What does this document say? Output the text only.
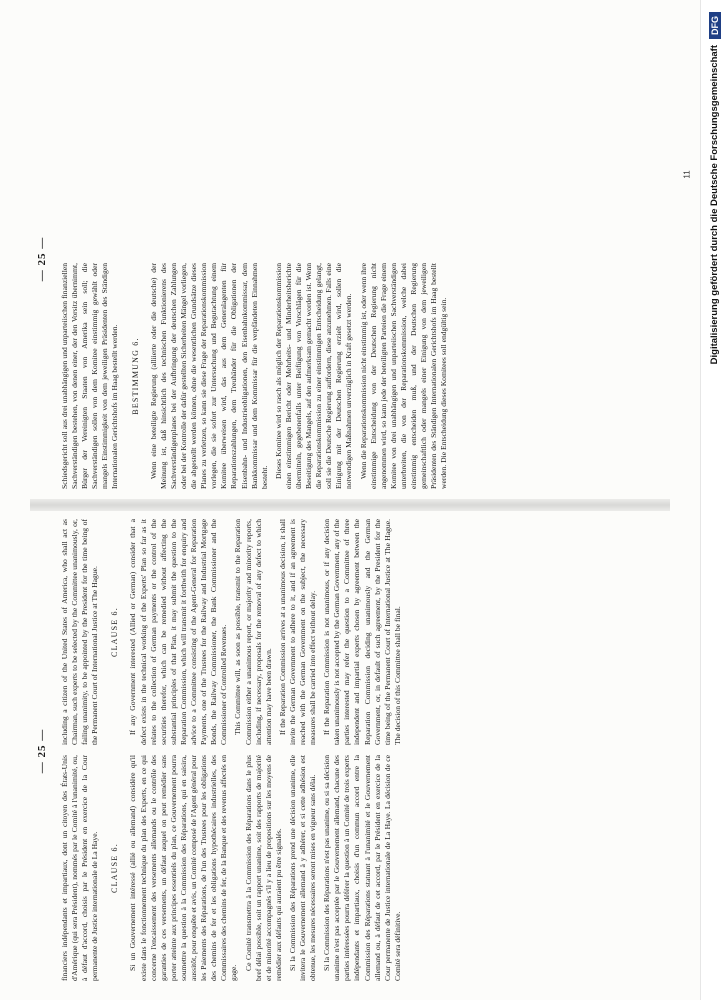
— 25 —

financiers indépendants et impartiaux, dont un citoyen des États-Unis d'Amérique (qui sera Président), nommés par le Comité à l'unanimité, ou, à défaut d'accord, choisis par le Président en exercice de la Cour permanente de Justice internationale de La Haye. CLAUSE 6. Si un Gouvernement intéressé (allié ou allemand) considère qu'il existe dans le fonctionnement technique du plan des Experts, en ce qui concerne l'encaissement des versements allemands ou le contrôle des garanties de ces versements, un défaut auquel on peut remédier sans porter atteinte aux principes essentiels du plan, ce Gouvernement pourra soumettre la question à la Commission des Réparations, qui en saisira, aussitôt, pour enquête et avis, un Comité composé de l'Agent général pour les Paiements des Réparations, de l'un des Trustees pour les obligations des chemins de fer et les obligations hypothécaires industrielles, des Commissaires des chemins de fer, de la Banque et des revenus affectés en gage.

Ce Comité transmettra à la Commission des Réparations dans le plus bref délai possible, soit un rapport unanime, soit des rapports de majorité et de minorité accompagnés s'il y a lieu de propositions sur les moyens de remédier aux défauts qui auraient pu être signalés. Si la Commission des Réparations prend une décision unanime, elle invitera le Gouvernement allemand à y adhérer, et si cette adhésion est obtenue, les mesures nécessaires seront mises en vigueur sans délai. Si la Commission des Réparations n'est pas unanime, ou si sa décision unanime n'est pas acceptée par le Gouvernement allemand, chacune des parties intéressées pourra déférer la question à un Comité de trois experts indépendants et impartiaux, choisis d'un commun accord entre la Commission des Réparations statuant à l'unanimité et le Gouvernement allemand ou, à défaut de cet accord, par le Président en exercice de la Cour permanente de Justice internationale de La Haye. La décision de ce Comité sera définitive.

including a citizen of the United States of America, who shall act as Chairman, such experts to be selected by the Committee unanimously, or, failing unanimity, to be appointed by the President for the time being of the Permanent Court of International Justice at The Hague. CLAUSE 6. If any Government interested (Allied or German) consider that a defect exists in the technical working of the Experts' Plan so far as it relates to the collection of German payments or the control of the securities therefor, which can be remedied without affecting the substantial principles of that Plan, it may submit the question to the Reparation Commission, which will transmit it forthwith for enquiry and advice to a Committee consisting of the Agent-General for Reparation Payments, one of the Trustees for the Railway and Industrial Mortgage Bonds, the Railway Commissioner, the Bank Commissioner and the Commissioner of Controlled Revenues. This Committee will, as soon as possible, transmit to the Reparation Commission either a unanimous report, or majority and minority reports, including, if necessary, proposals for the removal of any defect to which attention may have been drawn. If the Reparation Commission arrives at a unanimous decision, it shall invite the German Government to adhere to it, and if an agreement is reached with the German Government on the subject, the necessary measures shall be carried into effect without delay. If the Reparation Commission is not unanimous, or if any decision taken unanimously is not accepted by the German Government, any of the parties interested may refer the question to a Committee of three independent and impartial experts chosen by agreement between the Reparation Commission deciding unanimously and the German Government, or, in default of such agreement, by the President for the time being of the Permanent Court of International Justice at The Hague. The decision of this Committee shall be final.

— 25 —

Schiedsgericht soll aus drei unabhängigen und unparteiischen finanziellen Sachverständigen bestehen, von denen einer, der den Vorsitz übernimmt, Bürger der Vereinigten Staaten von Amerika sein soll; die Sachverständigen sollen von dem Komitee einstimmig gewählt oder mangels Einstimmigkeit von dem jeweiligen Präsidenten des Ständigen Internationalen Gerichtshofs im Haag bestellt werden. BESTIMMUNG 6. Wenn eine beteiligte Regierung (alliierte oder die deutsche) der Meinung ist, daß hinsichtlich des technischen Funktionierens des Sachverständigenplanes bei der Aufbringung der deutschen Zahlungen oder bei der Kontrolle der dafür gestellten Sicherheiten Mängel vorliegen, die abgestellt werden können, ohne die wesentlichen Grundsätze dieses Planes zu verletzen, so kann sie diese Frage der Reparationskommission vorlegen, die sie sofort zur Untersuchung und Begutachtung einem Komitee überweisen wird, das aus dem Generalagenten für Reparationszahlungen, dem Treuhänder für die Obligationen der Eisenbahn- und Industrieobligationen, den Eisenbahnkommissar, dem Bankkommissar und dem Kommissar für die verpfändeten Einnahmen besteht. Dieses Komitee wird so rasch als möglich der Reparationskommission einen einstimmigen Bericht oder Mehrheits- und Minderheitsberichte übermitteln, gegebenenfalls unter Beifügung von Vorschlägen für die Beseitigung des Mangels, auf den aufmerksam gemacht worden ist. Wenn die Reparationskommission zu einer einstimmigen Entscheidung gelangt, soll sie die Deutsche Regierung auffordern, diese anzunehmen. Falls eine Einigung mit der Deutschen Regierung erzielt wird, sollen die notwendigen Maßnahmen unverzüglich in Kraft gesetzt werden. Wenn die Reparationskommission nicht einstimmig ist, oder wenn ihre einstimmige Entscheidung von der Deutschen Regierung nicht angenommen wird, so kann jede der beteiligten Parteien die Frage einem Komitee von drei unabhängigen und unparteiischen Sachverständigen unterbreiten, die von der Reparationskommission, welche dabei einstimmig entscheiden muß, und der Deutschen Regierung gemeinschaftlich oder mangels einer Einigung von dem jeweiligen Präsidenten des Ständigen Internationalen Gerichtshofs im Haag bestellt werden. Die Entscheidung dieses Komitees soll endgültig sein.

11 Digitalisierung gefördert durch die Deutsche Forschungsgemeinschaft
DFG
